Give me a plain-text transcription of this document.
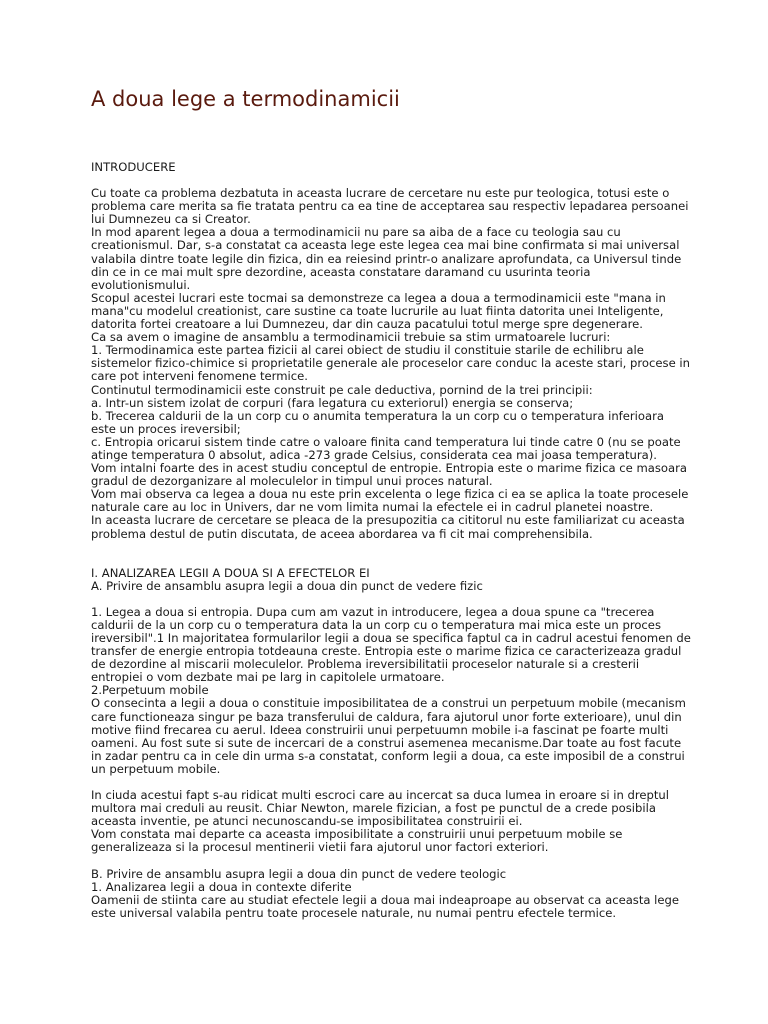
A doua lege a termodinamicii

INTRODUCERE

Cu toate ca problema dezbatuta in aceasta lucrare de cercetare nu este pur teologica, totusi este o problema care merita sa fie tratata pentru ca ea tine de acceptarea sau respectiv lepadarea persoanei lui Dumnezeu ca si Creator.

In mod aparent legea a doua a termodinamicii nu pare sa aiba de a face cu teologia sau cu creationismul. Dar, s-a constatat ca aceasta lege este legea cea mai bine confirmata si mai universal valabila dintre toate legile din fizica, din ea reiesind printr-o analizare aprofundata, ca Universul tinde din ce in ce mai mult spre dezordine, aceasta constatare daramand cu usurinta teoria evolutionismului.

Scopul acestei lucrari este tocmai sa demonstreze ca legea a doua a termodinamicii este "mana in mana"cu modelul creationist, care sustine ca toate lucrurile au luat fiinta datorita unei Inteligente, datorita fortei creatoare a lui Dumnezeu, dar din cauza pacatului totul merge spre degenerare.

Ca sa avem o imagine de ansamblu a termodinamicii trebuie sa stim urmatoarele lucruri:

1. Termodinamica este partea fizicii al carei obiect de studiu il constituie starile de echilibru ale sistemelor fizico-chimice si proprietatile generale ale proceselor care conduc la aceste stari, procese in care pot interveni fenomene termice.

Continutul termodinamicii este construit pe cale deductiva, pornind de la trei principii:

a. Intr-un sistem izolat de corpuri (fara legatura cu exteriorul) energia se conserva;

b. Trecerea caldurii de la un corp cu o anumita temperatura la un corp cu o temperatura inferioara este un proces ireversibil;

c. Entropia oricarui sistem tinde catre o valoare finita cand temperatura lui tinde catre 0 (nu se poate atinge temperatura 0 absolut, adica -273 grade Celsius, considerata cea mai joasa temperatura).

Vom intalni foarte des in acest studiu conceptul de entropie. Entropia este o marime fizica ce masoara gradul de dezorganizare al moleculelor in timpul unui proces natural.

Vom mai observa ca legea a doua nu este prin excelenta o lege fizica ci ea se aplica la toate procesele naturale care au loc in Univers, dar ne vom limita numai la efectele ei in cadrul planetei noastre.

In aceasta lucrare de cercetare se pleaca de la presupozitia ca cititorul nu este familiarizat cu aceasta problema destul de putin discutata, de aceea abordarea va fi cit mai comprehensibila.

I. ANALIZAREA LEGII A DOUA SI A EFECTELOR EI

A. Privire de ansamblu asupra legii a doua din punct de vedere fizic

1. Legea a doua si entropia. Dupa cum am vazut in introducere, legea a doua spune ca "trecerea caldurii de la un corp cu o temperatura data la un corp cu o temperatura mai mica este un proces ireversibil".1 In majoritatea formularilor legii a doua se specifica faptul ca in cadrul acestui fenomen de transfer de energie entropia totdeauna creste. Entropia este o marime fizica ce caracterizeaza gradul de dezordine al miscarii moleculelor. Problema ireversibilitatii proceselor naturale si a cresterii entropiei o vom dezbate mai pe larg in capitolele urmatoare.

2.Perpetuum mobile

O consecinta a legii a doua o constituie imposibilitatea de a construi un perpetuum mobile (mecanism care functioneaza singur pe baza transferului de caldura, fara ajutorul unor forte exterioare), unul din motive fiind frecarea cu aerul. Ideea construirii unui perpetuumn mobile i-a fascinat pe foarte multi oameni. Au fost sute si sute de incercari de a construi asemenea mecanisme.Dar toate au fost facute in zadar pentru ca in cele din urma s-a constatat, conform legii a doua, ca este imposibil de a construi un perpetuum mobile.

In ciuda acestui fapt s-au ridicat multi escroci care au incercat sa duca lumea in eroare si in dreptul multora mai creduli au reusit. Chiar Newton, marele fizician, a fost pe punctul de a crede posibila aceasta inventie, pe atunci necunoscandu-se imposibilitatea construirii ei.

Vom constata mai departe ca aceasta imposibilitate a construirii unui perpetuum mobile se generalizeaza si la procesul mentinerii vietii fara ajutorul unor factori exteriori.

B. Privire de ansamblu asupra legii a doua din punct de vedere teologic

1. Analizarea legii a doua in contexte diferite

Oamenii de stiinta care au studiat efectele legii a doua mai indeaproape au observat ca aceasta lege este universal valabila pentru toate procesele naturale, nu numai pentru efectele termice.
